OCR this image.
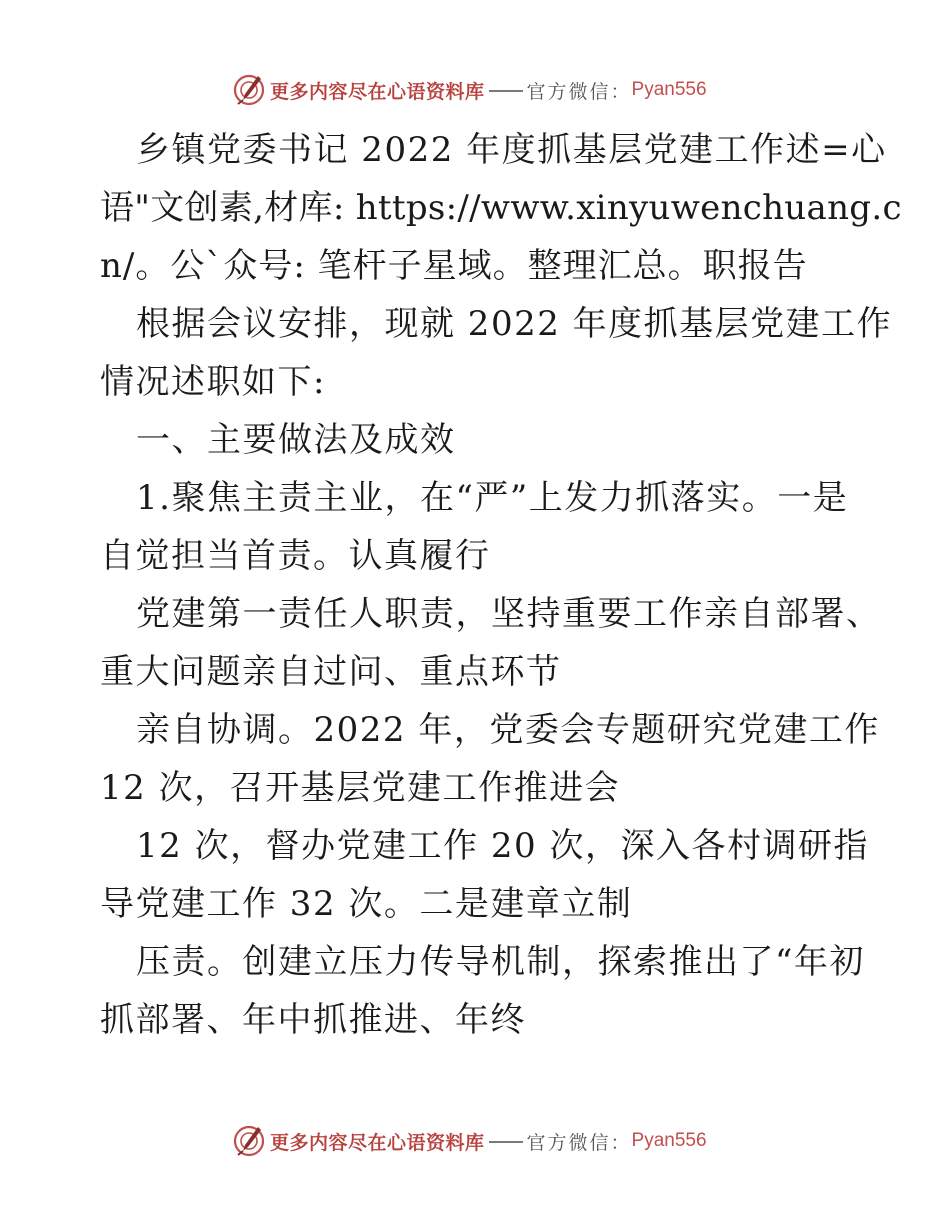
更多内容尽在心语资料库 官方微信： Pyan556
乡镇党委书记 2022 年度抓基层党建工作述=心
语"文创素,材库: https://www.xinyuwenchuang.c
n/。公`众号: 笔杆子星域。整理汇总。职报告
根据会议安排，现就 2022 年度抓基层党建工作
情况述职如下:
一、主要做法及成效
1.聚焦主责主业，在“严”上发力抓落实。一是
自觉担当首责。认真履行
党建第一责任人职责，坚持重要工作亲自部署、
重大问题亲自过问、重点环节
亲自协调。2022 年，党委会专题研究党建工作
12 次，召开基层党建工作推进会
12 次，督办党建工作 20 次，深入各村调研指
导党建工作 32 次。二是建章立制
压责。创建立压力传导机制，探索推出了“年初
抓部署、年中抓推进、年终
更多内容尽在心语资料库 官方微信： Pyan556
